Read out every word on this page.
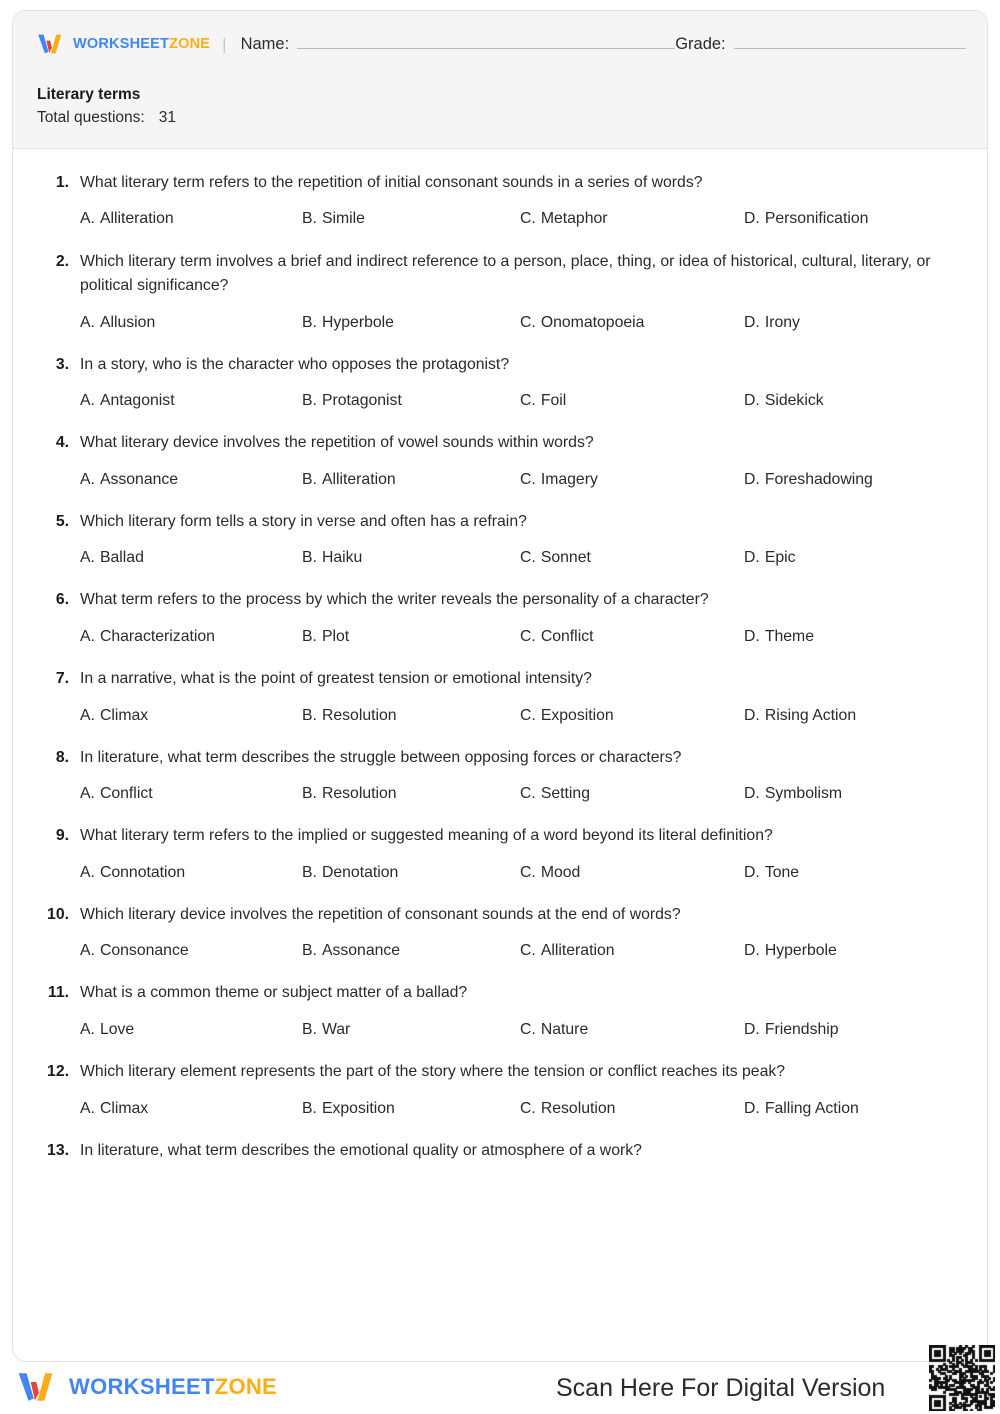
WORKSHEETZONE | Name:	Grade:
Literary terms
Total questions: 31
1. What literary term refers to the repetition of initial consonant sounds in a series of words?
A. Alliteration	B. Simile	C. Metaphor	D. Personification
2. Which literary term involves a brief and indirect reference to a person, place, thing, or idea of historical, cultural, literary, or political significance?
A. Allusion	B. Hyperbole	C. Onomatopoeia	D. Irony
3. In a story, who is the character who opposes the protagonist?
A. Antagonist	B. Protagonist	C. Foil	D. Sidekick
4. What literary device involves the repetition of vowel sounds within words?
A. Assonance	B. Alliteration	C. Imagery	D. Foreshadowing
5. Which literary form tells a story in verse and often has a refrain?
A. Ballad	B. Haiku	C. Sonnet	D. Epic
6. What term refers to the process by which the writer reveals the personality of a character?
A. Characterization	B. Plot	C. Conflict	D. Theme
7. In a narrative, what is the point of greatest tension or emotional intensity?
A. Climax	B. Resolution	C. Exposition	D. Rising Action
8. In literature, what term describes the struggle between opposing forces or characters?
A. Conflict	B. Resolution	C. Setting	D. Symbolism
9. What literary term refers to the implied or suggested meaning of a word beyond its literal definition?
A. Connotation	B. Denotation	C. Mood	D. Tone
10. Which literary device involves the repetition of consonant sounds at the end of words?
A. Consonance	B. Assonance	C. Alliteration	D. Hyperbole
11. What is a common theme or subject matter of a ballad?
A. Love	B. War	C. Nature	D. Friendship
12. Which literary element represents the part of the story where the tension or conflict reaches its peak?
A. Climax	B. Exposition	C. Resolution	D. Falling Action
13. In literature, what term describes the emotional quality or atmosphere of a work?
WORKSHEETZONE	Scan Here For Digital Version
